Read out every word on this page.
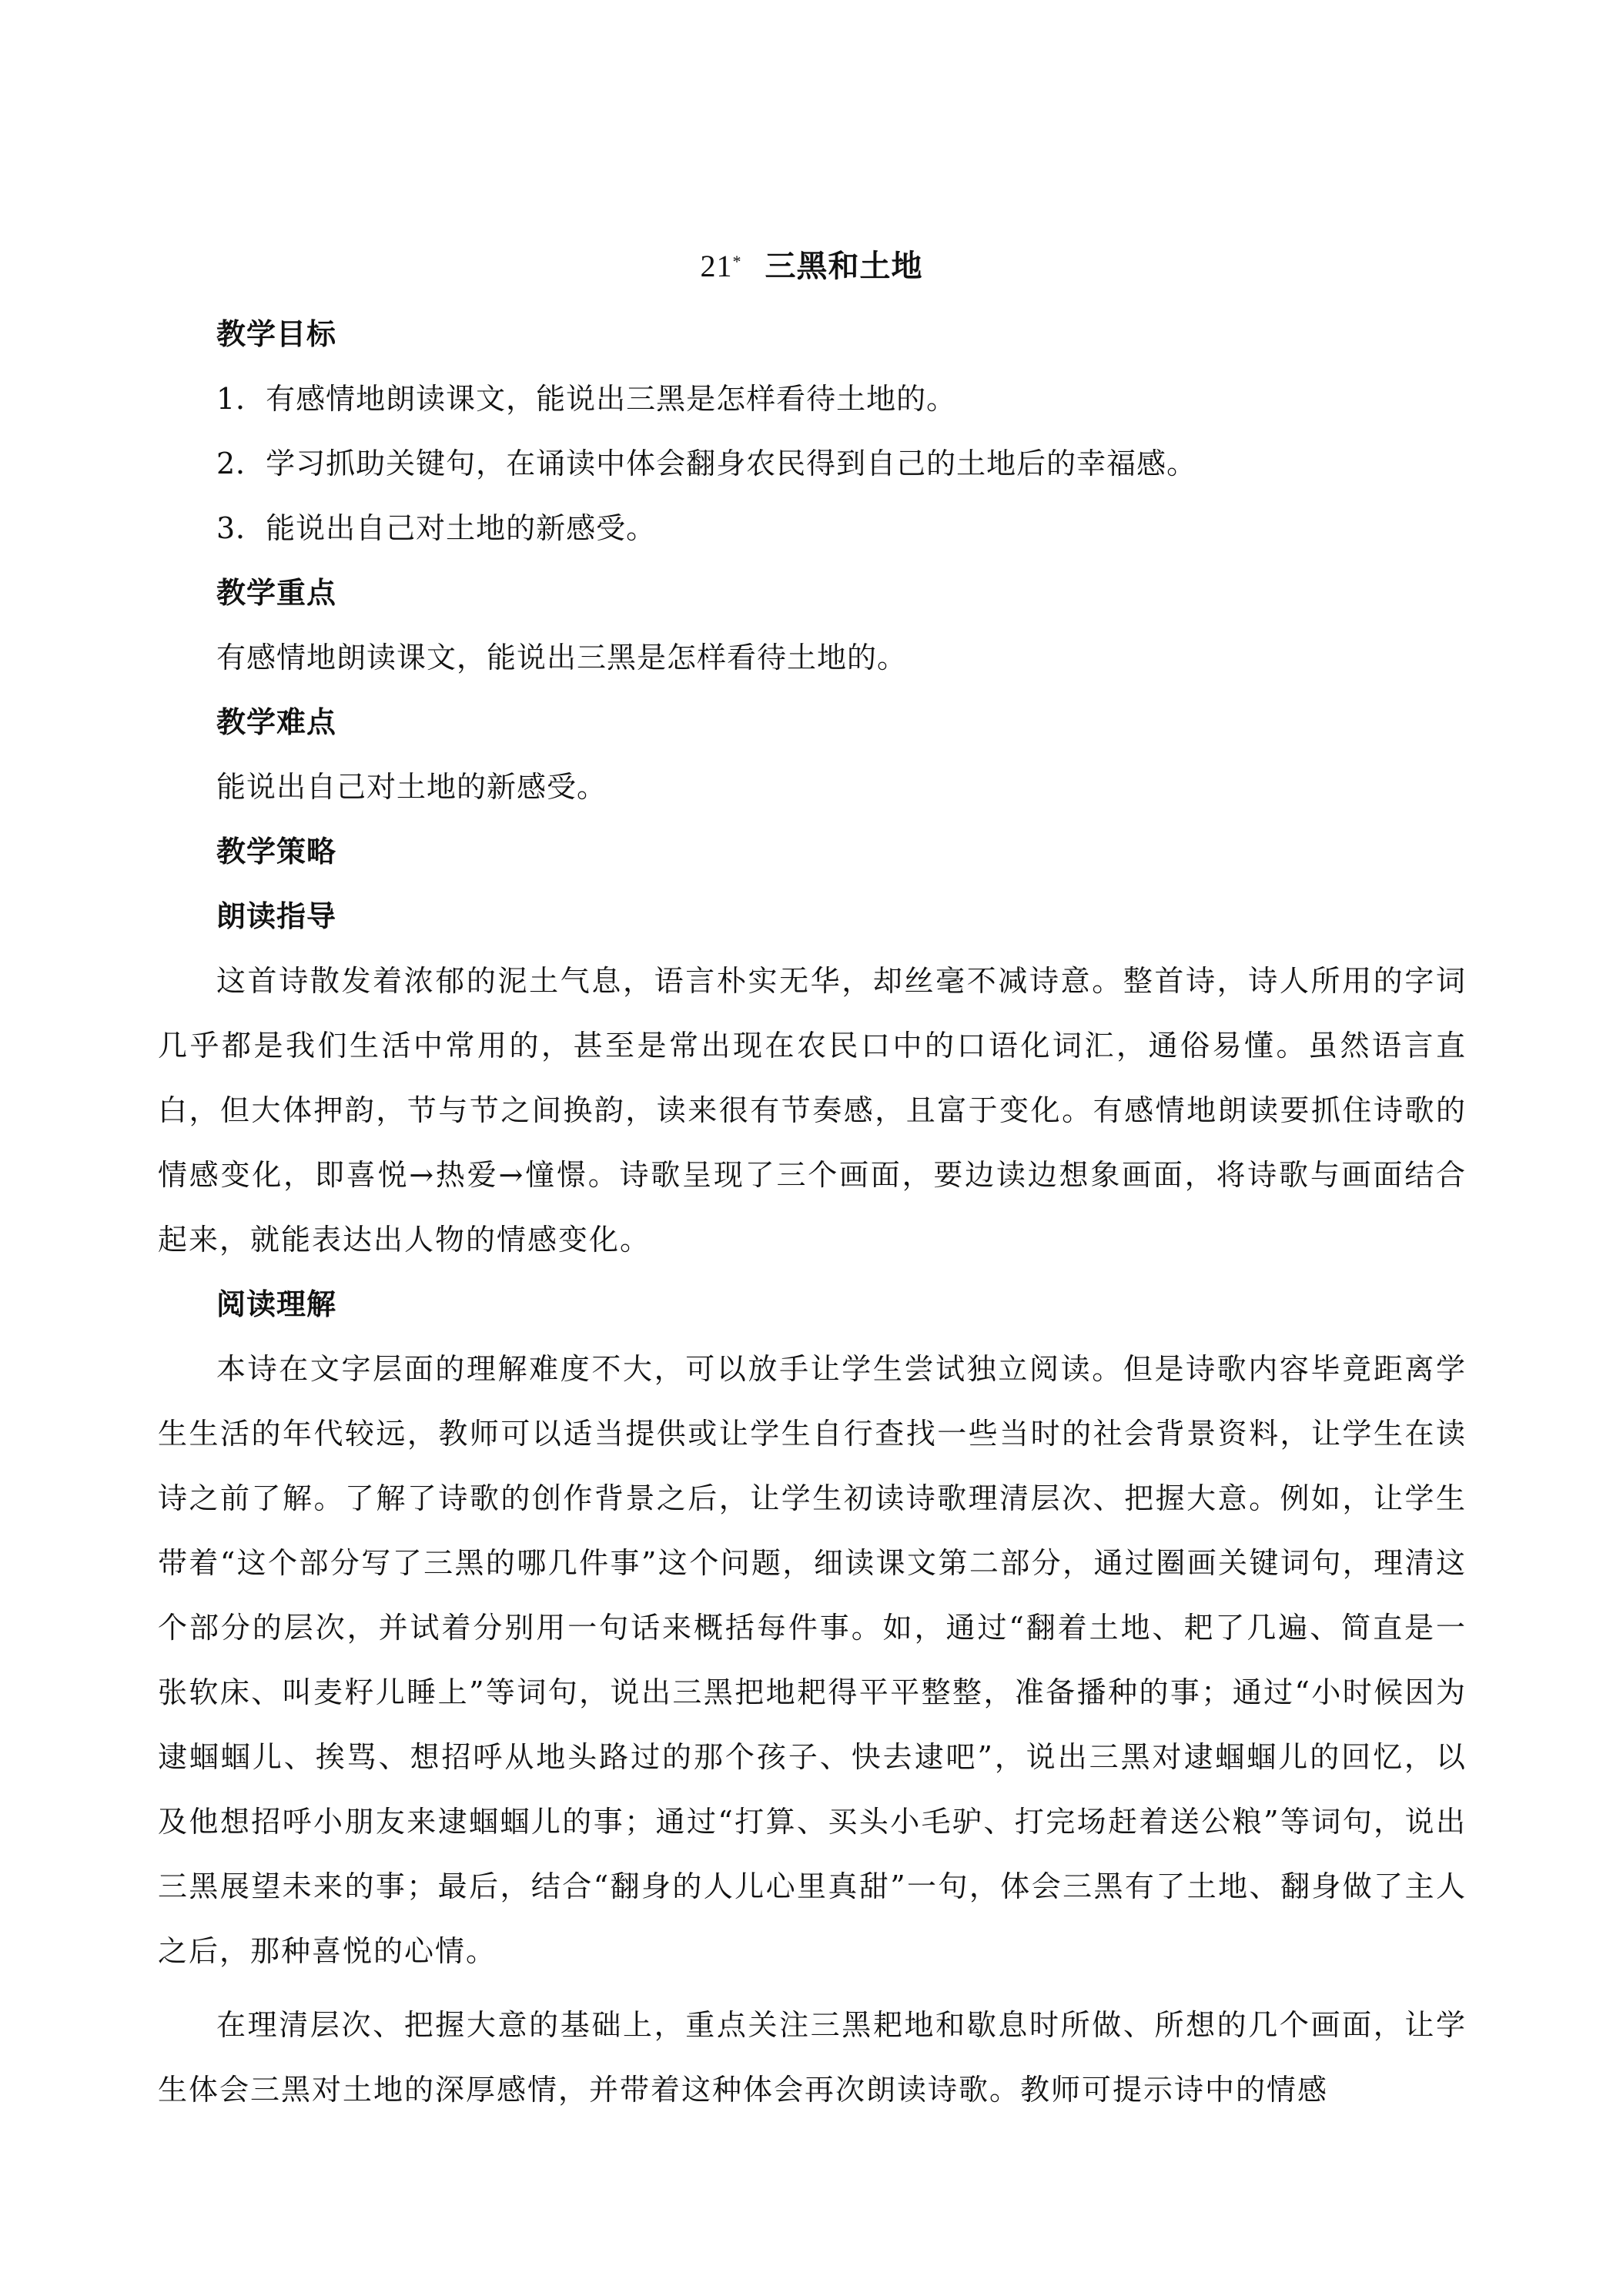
21* 三黑和土地

教学目标

1．有感情地朗读课文，能说出三黑是怎样看待土地的。

2．学习抓助关键句，在诵读中体会翻身农民得到自己的土地后的幸福感。

3．能说出自己对土地的新感受。

教学重点

有感情地朗读课文，能说出三黑是怎样看待土地的。

教学难点

能说出自己对土地的新感受。

教学策略

朗读指导

这首诗散发着浓郁的泥土气息，语言朴实无华，却丝毫不减诗意。整首诗，诗人所用的字词几乎都是我们生活中常用的，甚至是常出现在农民口中的口语化词汇，通俗易懂。虽然语言直白，但大体押韵，节与节之间换韵，读来很有节奏感，且富于变化。有感情地朗读要抓住诗歌的情感变化，即喜悦→热爱→憧憬。诗歌呈现了三个画面，要边读边想象画面，将诗歌与画面结合起来，就能表达出人物的情感变化。

阅读理解

本诗在文字层面的理解难度不大，可以放手让学生尝试独立阅读。但是诗歌内容毕竟距离学生生活的年代较远，教师可以适当提供或让学生自行查找一些当时的社会背景资料，让学生在读诗之前了解。了解了诗歌的创作背景之后，让学生初读诗歌理清层次、把握大意。例如，让学生带着“这个部分写了三黑的哪几件事”这个问题，细读课文第二部分，通过圈画关键词句，理清这个部分的层次，并试着分别用一句话来概括每件事。如，通过“翻着土地、耙了几遍、简直是一张软床、叫麦籽儿睡上”等词句，说出三黑把地耙得平平整整，准备播种的事；通过“小时候因为逮蝈蝈儿、挨骂、想招呼从地头路过的那个孩子、快去逮吧”，说出三黑对逮蝈蝈儿的回忆，以及他想招呼小朋友来逮蝈蝈儿的事；通过“打算、买头小毛驴、打完场赶着送公粮”等词句，说出三黑展望未来的事；最后，结合“翻身的人儿心里真甜”一句，体会三黑有了土地、翻身做了主人之后，那种喜悦的心情。

在理清层次、把握大意的基础上，重点关注三黑耙地和歇息时所做、所想的几个画面，让学生体会三黑对土地的深厚感情，并带着这种体会再次朗读诗歌。教师可提示诗中的情感
